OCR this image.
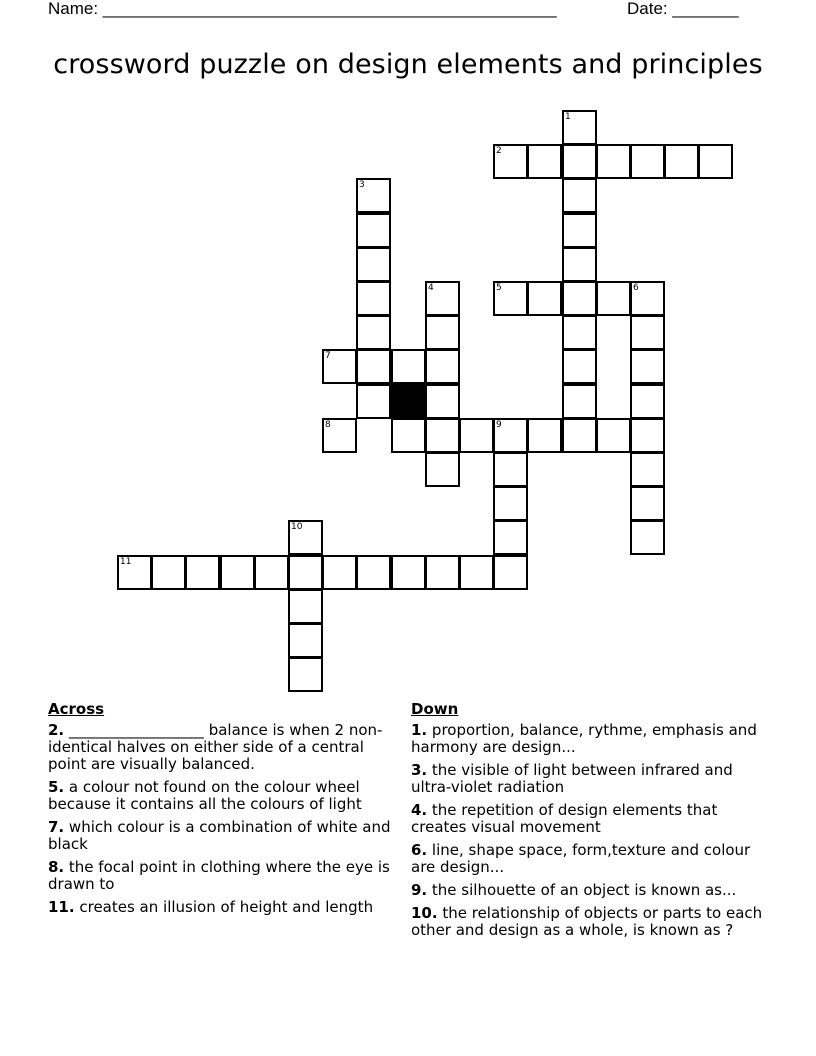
Name: ________________________________________________	Date: _______
crossword puzzle on design elements and principles
1
2
3
4	5	6
7
8	9
10
11
Across
2. __________________ balance is when 2 non- identical halves on either side of a central point are visually balanced.
5. a colour not found on the colour wheel because it contains all the colours of light
7. which colour is a combination of white and black
8. the focal point in clothing where the eye is drawn to
11. creates an illusion of height and length
Down
1. proportion, balance, rythme, emphasis and harmony are design...
3. the visible of light between infrared and ultra-violet radiation
4. the repetition of design elements that creates visual movement
6. line, shape space, form,texture and colour are design...
9. the silhouette of an object is known as...
10. the relationship of objects or parts to each other and design as a whole, is known as ?
